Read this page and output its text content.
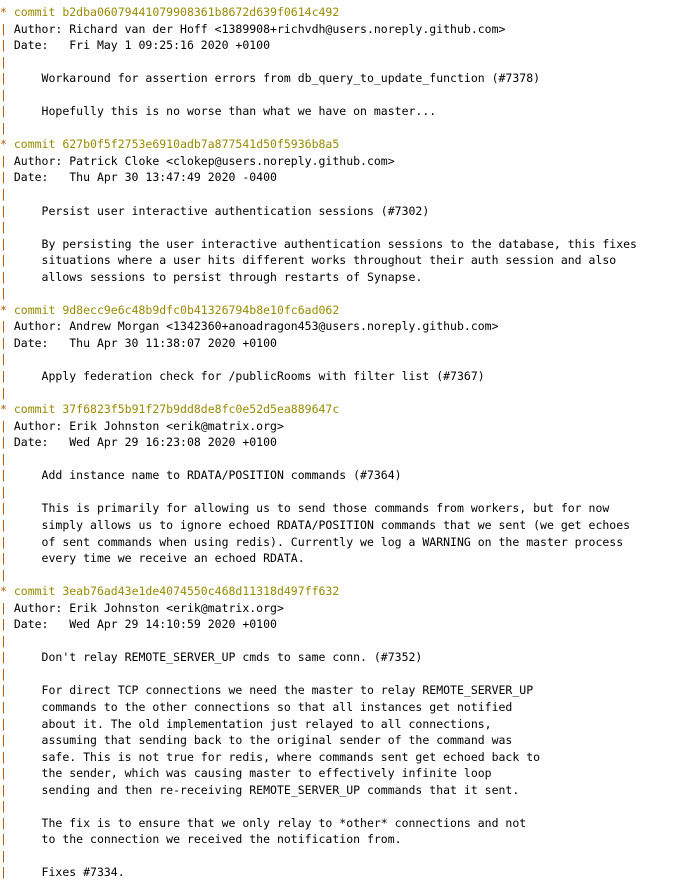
* commit b2dba06079441079908361b8672d639f0614c492
| Author: Richard van der Hoff <1389908+richvdh@users.noreply.github.com>
| Date:   Fri May 1 09:25:16 2020 +0100
|
|     Workaround for assertion errors from db_query_to_update_function (#7378)
|
|     Hopefully this is no worse than what we have on master...
|
* commit 627b0f5f2753e6910adb7a877541d50f5936b8a5
| Author: Patrick Cloke <clokep@users.noreply.github.com>
| Date:   Thu Apr 30 13:47:49 2020 -0400
|
|     Persist user interactive authentication sessions (#7302)
|
|     By persisting the user interactive authentication sessions to the database, this fixes
|     situations where a user hits different works throughout their auth session and also
|     allows sessions to persist through restarts of Synapse.
|
* commit 9d8ecc9e6c48b9dfc0b41326794b8e10fc6ad062
| Author: Andrew Morgan <1342360+anoadragon453@users.noreply.github.com>
| Date:   Thu Apr 30 11:38:07 2020 +0100
|
|     Apply federation check for /publicRooms with filter list (#7367)
|
* commit 37f6823f5b91f27b9dd8de8fc0e52d5ea889647c
| Author: Erik Johnston <erik@matrix.org>
| Date:   Wed Apr 29 16:23:08 2020 +0100
|
|     Add instance name to RDATA/POSITION commands (#7364)
|
|     This is primarily for allowing us to send those commands from workers, but for now
|     simply allows us to ignore echoed RDATA/POSITION commands that we sent (we get echoes
|     of sent commands when using redis). Currently we log a WARNING on the master process
|     every time we receive an echoed RDATA.
|
* commit 3eab76ad43e1de4074550c468d11318d497ff632
| Author: Erik Johnston <erik@matrix.org>
| Date:   Wed Apr 29 14:10:59 2020 +0100
|
|     Don't relay REMOTE_SERVER_UP cmds to same conn. (#7352)
|
|     For direct TCP connections we need the master to relay REMOTE_SERVER_UP
|     commands to the other connections so that all instances get notified
|     about it. The old implementation just relayed to all connections,
|     assuming that sending back to the original sender of the command was
|     safe. This is not true for redis, where commands sent get echoed back to
|     the sender, which was causing master to effectively infinite loop
|     sending and then re-receiving REMOTE_SERVER_UP commands that it sent.
|
|     The fix is to ensure that we only relay to *other* connections and not
|     to the connection we received the notification from.
|
|     Fixes #7334.
